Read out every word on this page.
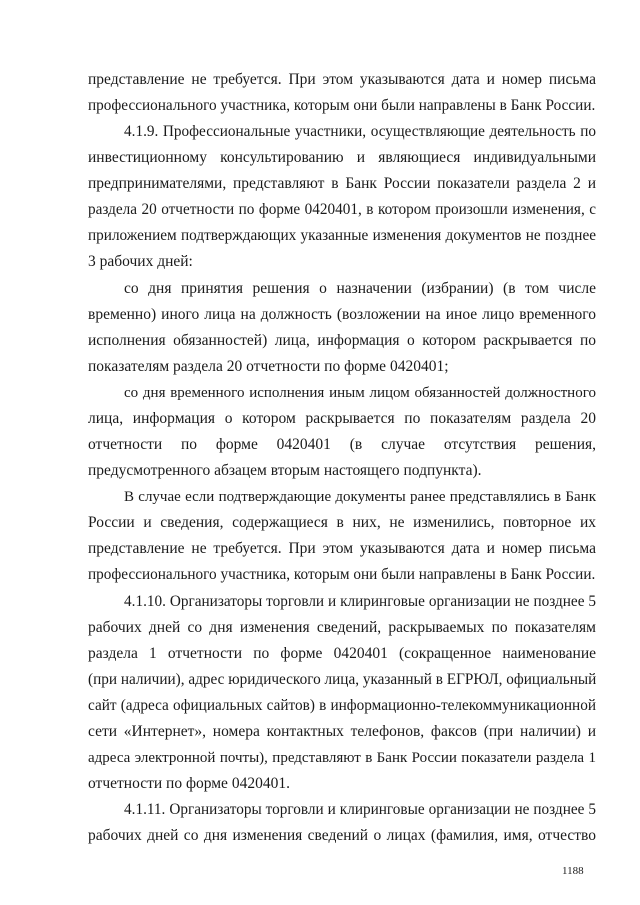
представление не требуется. При этом указываются дата и номер письма

профессионального участника, которым они были направлены в Банк России.

4.1.9. Профессиональные участники, осуществляющие деятельность по

инвестиционному консультированию и являющиеся индивидуальными

предпринимателями, представляют в Банк России показатели раздела 2 и

раздела 20 отчетности по форме 0420401, в котором произошли изменения, с

приложением подтверждающих указанные изменения документов не позднее

3 рабочих дней:

со дня принятия решения о назначении (избрании) (в том числе

временно) иного лица на должность (возложении на иное лицо временного

исполнения обязанностей) лица, информация о котором раскрывается по

показателям раздела 20 отчетности по форме 0420401;

со дня временного исполнения иным лицом обязанностей должностного

лица, информация о котором раскрывается по показателям раздела 20

отчетности по форме 0420401 (в случае отсутствия решения,

предусмотренного абзацем вторым настоящего подпункта).

В случае если подтверждающие документы ранее представлялись в Банк

России и сведения, содержащиеся в них, не изменились, повторное их

представление не требуется. При этом указываются дата и номер письма

профессионального участника, которым они были направлены в Банк России.

4.1.10. Организаторы торговли и клиринговые организации не позднее 5

рабочих дней со дня изменения сведений, раскрываемых по показателям

раздела 1 отчетности по форме 0420401 (сокращенное наименование

(при наличии), адрес юридического лица, указанный в ЕГРЮЛ, официальный

сайт (адреса официальных сайтов) в информационно-телекоммуникационной

сети «Интернет», номера контактных телефонов, факсов (при наличии) и

адреса электронной почты), представляют в Банк России показатели раздела 1

отчетности по форме 0420401.

4.1.11. Организаторы торговли и клиринговые организации не позднее 5

рабочих дней со дня изменения сведений о лицах (фамилия, имя, отчество

1188
